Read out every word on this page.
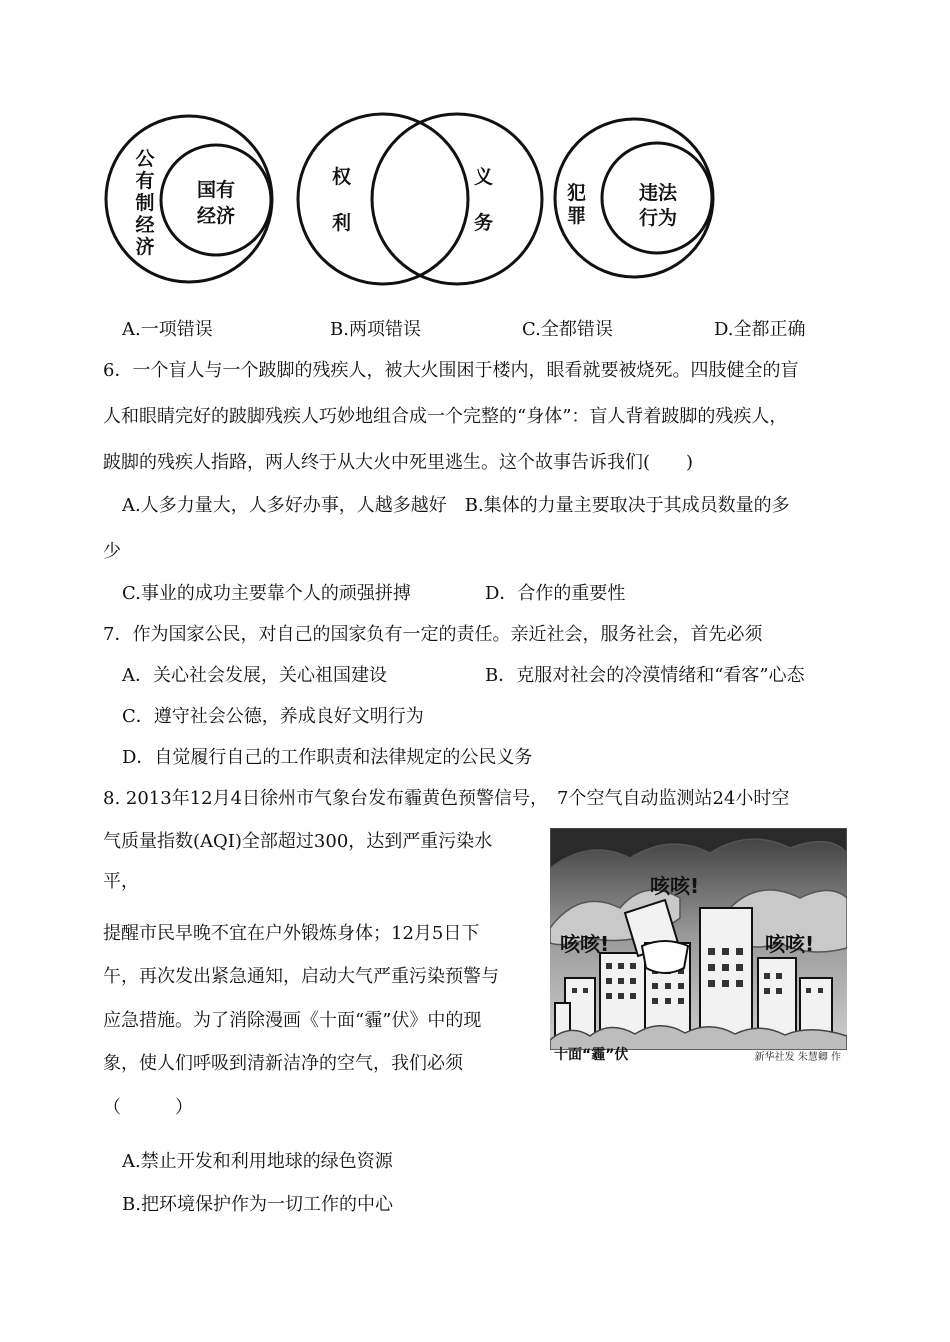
公有制经济
国有
经济
权
利
义
务
犯
罪
违法
行为
A.一项错误	B.两项错误	C.全都错误	D.全都正确
6．一个盲人与一个跛脚的残疾人，被大火围困于楼内，眼看就要被烧死。四肢健全的盲
人和眼睛完好的跛脚残疾人巧妙地组合成一个完整的“身体”：盲人背着跛脚的残疾人，
跛脚的残疾人指路，两人终于从大火中死里逃生。这个故事告诉我们(　　)
A.人多力量大，人多好办事，人越多越好　B.集体的力量主要取决于其成员数量的多
少
C.事业的成功主要靠个人的顽强拼搏	D．合作的重要性
7．作为国家公民，对自己的国家负有一定的责任。亲近社会，服务社会，首先必须
A．关心社会发展，关心祖国建设	B．克服对社会的冷漠情绪和“看客”心态
C．遵守社会公德，养成良好文明行为
D．自觉履行自己的工作职责和法律规定的公民义务
8. 2013年12月4日徐州市气象台发布霾黄色预警信号，　7个空气自动监测站24小时空
气质量指数(AQI)全部超过300，达到严重污染水
平，
提醒市民早晚不宜在户外锻炼身体；12月5日下
午，再次发出紧急通知，启动大气严重污染预警与
应急措施。为了消除漫画《十面“霾”伏》中的现
象，使人们呼吸到清新洁净的空气，我们必须
（　　　）
A.禁止开发和利用地球的绿色资源
B.把环境保护作为一切工作的中心
咳咳!
咳咳!	咳咳!
十面“霾”伏	新华社发 朱慧卿 作
